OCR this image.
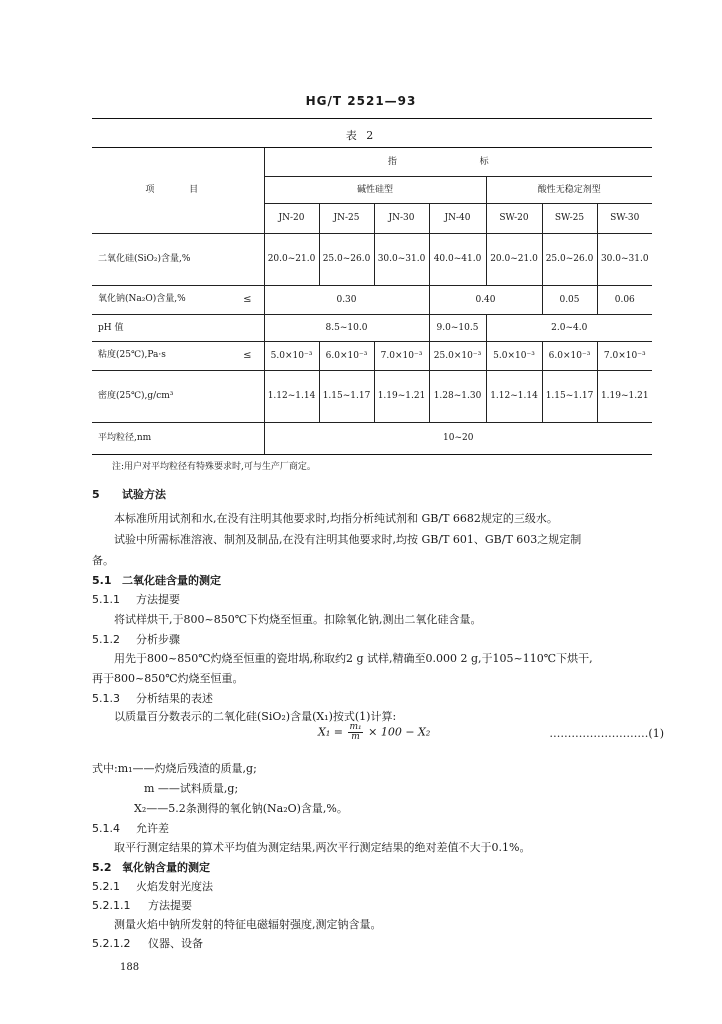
HG/T 2521—93
表 2
项 目	指 标						
	碱性硅型				酸性无稳定剂型		
	JN-20	JN-25	JN-30	JN-40	SW-20	SW-25	SW-30
二氧化硅(SiO₂)含量,%	20.0~21.0	25.0~26.0	30.0~31.0	40.0~41.0	20.0~21.0	25.0~26.0	30.0~31.0
氧化钠(Na₂O)含量,% ≤	0.30			0.40		0.05	0.06
pH 值	8.5~10.0			9.0~10.5	2.0~4.0		
粘度(25℃),Pa·s ≤	5.0×10⁻³	6.0×10⁻³	7.0×10⁻³	25.0×10⁻³	5.0×10⁻³	6.0×10⁻³	7.0×10⁻³
密度(25℃),g/cm³	1.12~1.14	1.15~1.17	1.19~1.21	1.28~1.30	1.12~1.14	1.15~1.17	1.19~1.21
平均粒径,nm	10~20						
注:用户对平均粒径有特殊要求时,可与生产厂商定。
5 试验方法
本标准所用试剂和水,在没有注明其他要求时,均指分析纯试剂和 GB/T 6682规定的三级水。
试验中所需标准溶液、制剂及制品,在没有注明其他要求时,均按 GB/T 601、GB/T 603之规定制
备。
5.1 二氧化硅含量的测定
5.1.1 方法提要
将试样烘干,于800~850℃下灼烧至恒重。扣除氧化钠,测出二氧化硅含量。
5.1.2 分析步骤
用先于800~850℃灼烧至恒重的瓷坩埚,称取约2 g 试样,精确至0.000 2 g,于105~110℃下烘干,
再于800~850℃灼烧至恒重。
5.1.3 分析结果的表述
以质量百分数表示的二氧化硅(SiO₂)含量(X₁)按式(1)计算:
$X_1 = \frac{\text{m₁}}{m} \times 100 - X_2$	………………………(1)
式中:m₁——灼烧后残渣的质量,g;
m ——试料质量,g;
X₂——5.2条测得的氧化钠(Na₂O)含量,%。
5.1.4 允许差
取平行测定结果的算术平均值为测定结果,两次平行测定结果的绝对差值不大于0.1%。
5.2 氧化钠含量的测定
5.2.1 火焰发射光度法
5.2.1.1 方法提要
测量火焰中钠所发射的特征电磁辐射强度,测定钠含量。
5.2.1.2 仪器、设备
188
